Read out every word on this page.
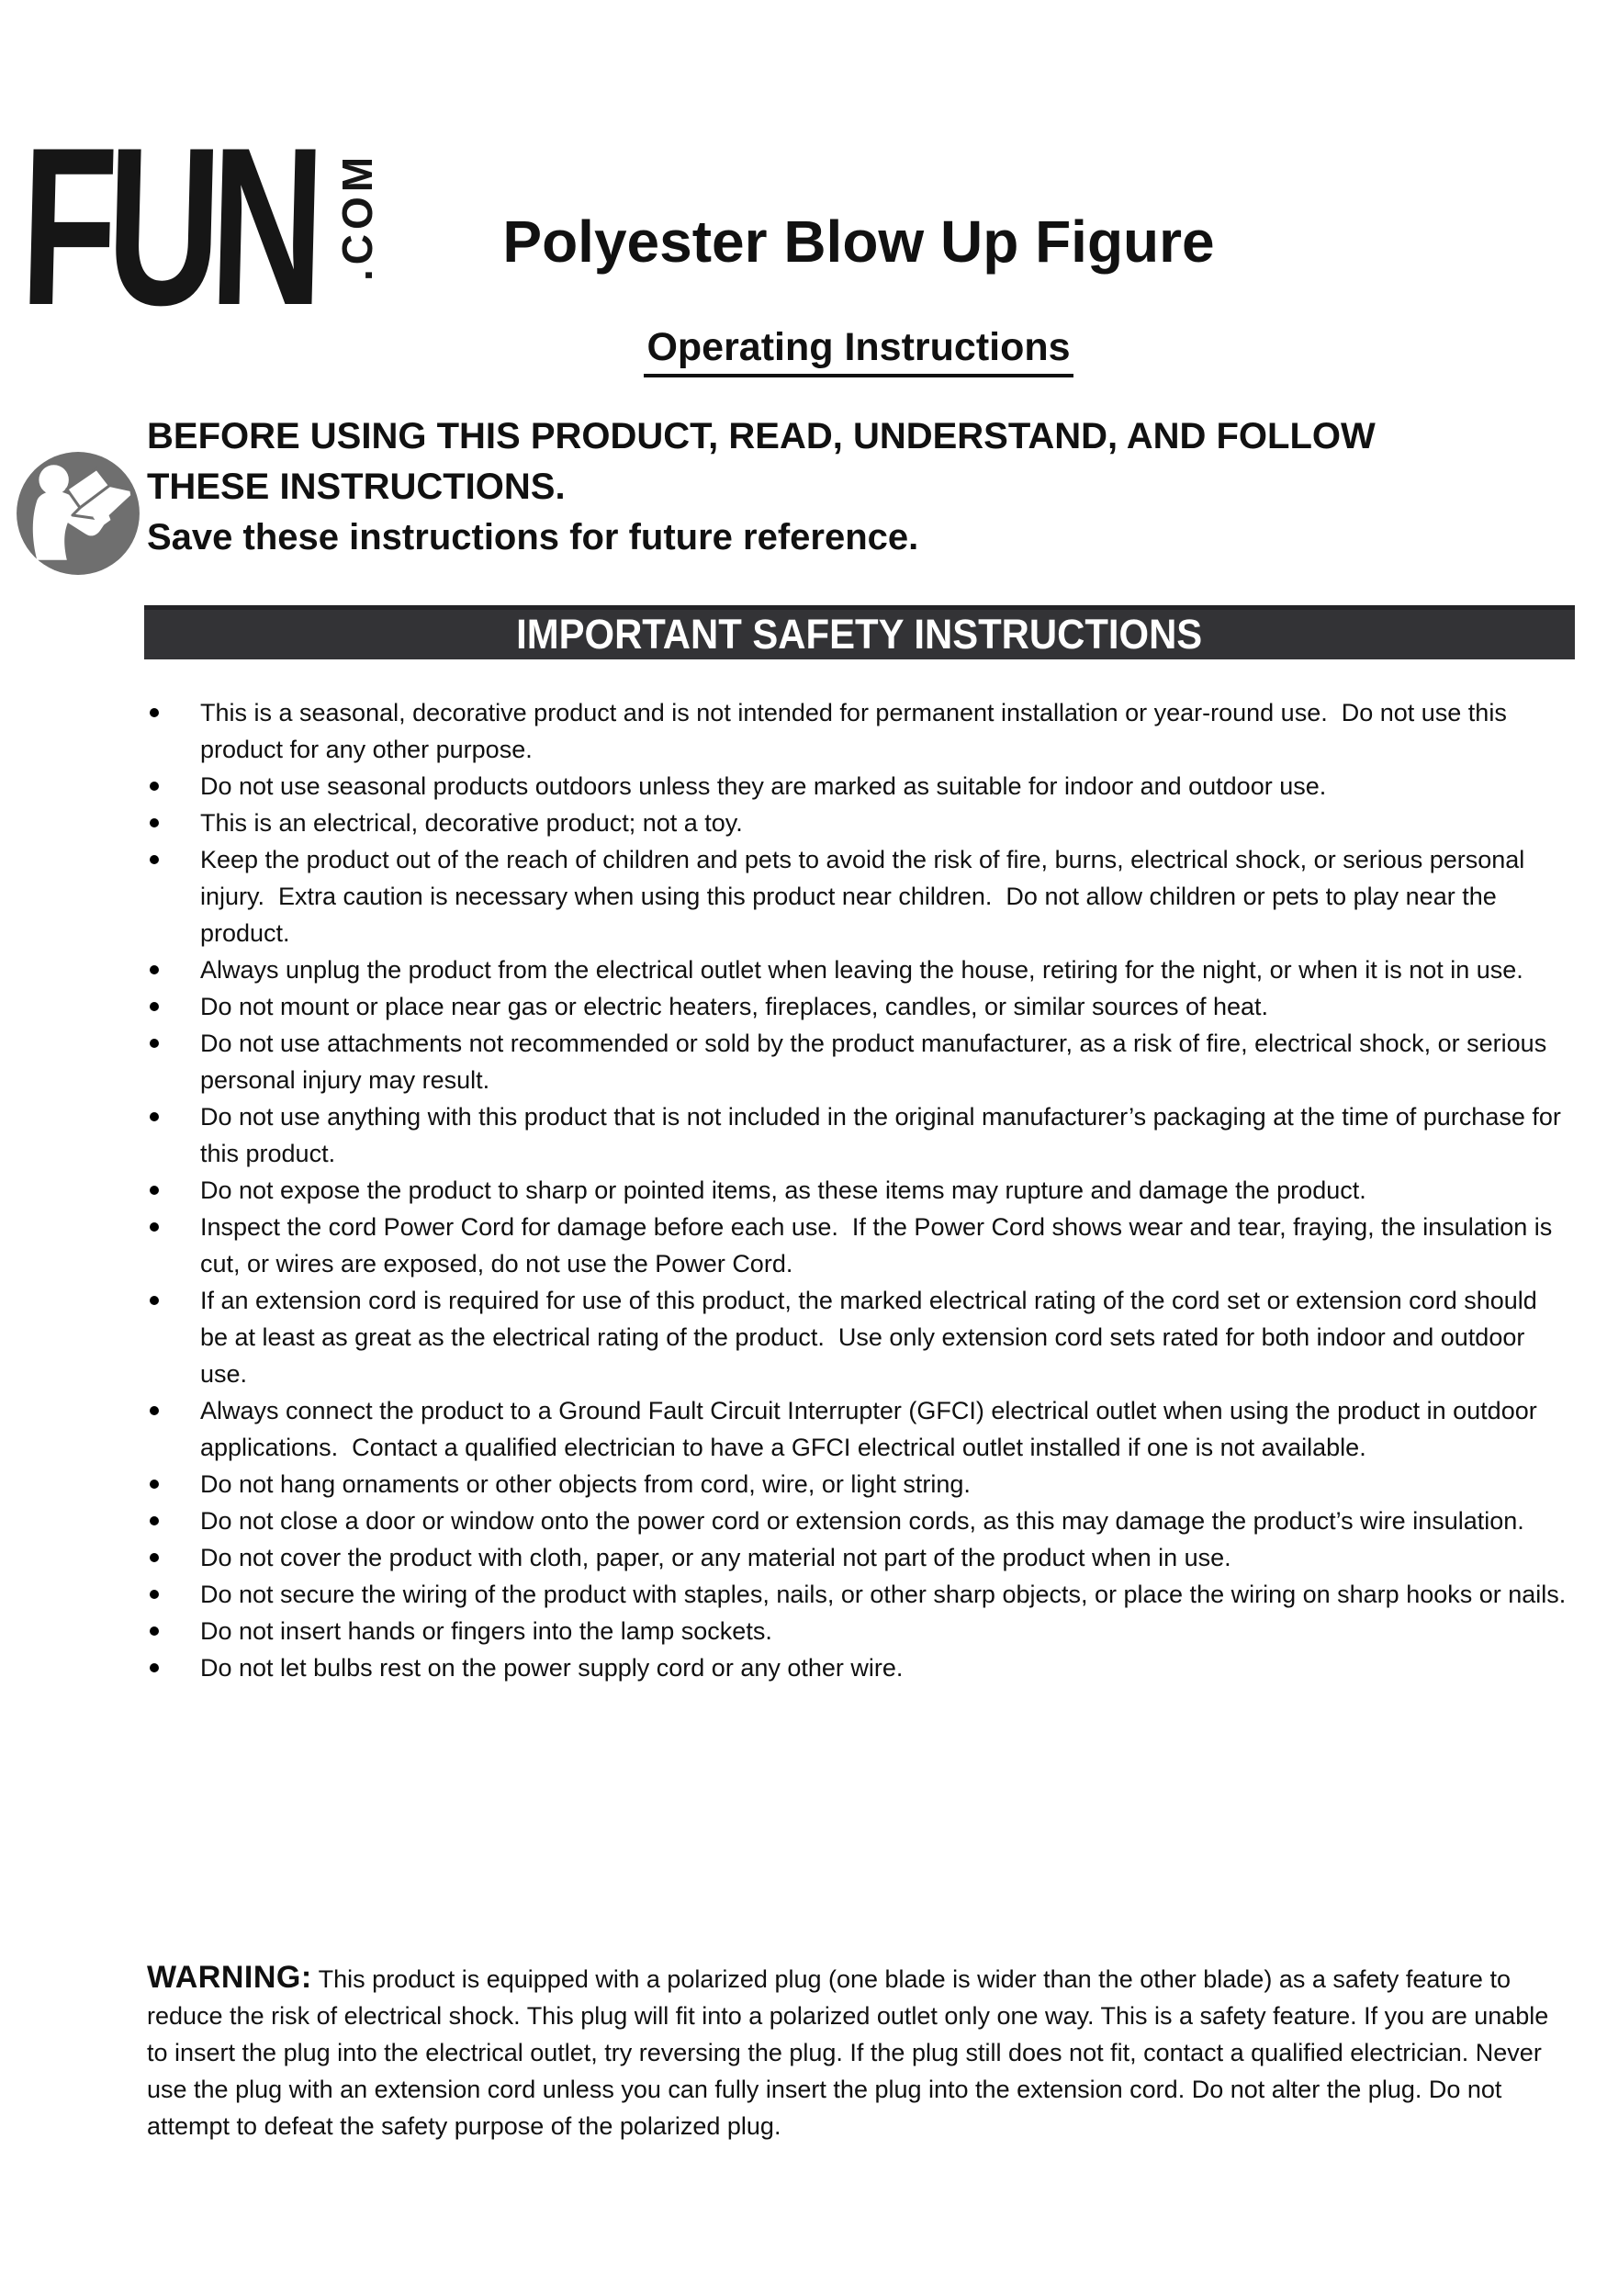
FUN .COM	Polyester Blow Up Figure
Operating Instructions
BEFORE USING THIS PRODUCT, READ, UNDERSTAND, AND FOLLOW
THESE INSTRUCTIONS.
Save these instructions for future reference.
IMPORTANT SAFETY INSTRUCTIONS
This is a seasonal, decorative product and is not intended for permanent installation or year-round use.  Do not use this product for any other purpose.
Do not use seasonal products outdoors unless they are marked as suitable for indoor and outdoor use.
This is an electrical, decorative product; not a toy.
Keep the product out of the reach of children and pets to avoid the risk of fire, burns, electrical shock, or serious personal injury.  Extra caution is necessary when using this product near children.  Do not allow children or pets to play near the product.
Always unplug the product from the electrical outlet when leaving the house, retiring for the night, or when it is not in use.
Do not mount or place near gas or electric heaters, fireplaces, candles, or similar sources of heat.
Do not use attachments not recommended or sold by the product manufacturer, as a risk of fire, electrical shock, or serious personal injury may result.
Do not use anything with this product that is not included in the original manufacturer’s packaging at the time of purchase for this product.
Do not expose the product to sharp or pointed items, as these items may rupture and damage the product.
Inspect the cord Power Cord for damage before each use.  If the Power Cord shows wear and tear, fraying, the insulation is cut, or wires are exposed, do not use the Power Cord.
If an extension cord is required for use of this product, the marked electrical rating of the cord set or extension cord should be at least as great as the electrical rating of the product.  Use only extension cord sets rated for both indoor and outdoor use.
Always connect the product to a Ground Fault Circuit Interrupter (GFCI) electrical outlet when using the product in outdoor applications.  Contact a qualified electrician to have a GFCI electrical outlet installed if one is not available.
Do not hang ornaments or other objects from cord, wire, or light string.
Do not close a door or window onto the power cord or extension cords, as this may damage the product’s wire insulation.
Do not cover the product with cloth, paper, or any material not part of the product when in use.
Do not secure the wiring of the product with staples, nails, or other sharp objects, or place the wiring on sharp hooks or nails.
Do not insert hands or fingers into the lamp sockets.
Do not let bulbs rest on the power supply cord or any other wire.

WARNING: This product is equipped with a polarized plug (one blade is wider than the other blade) as a safety feature to reduce the risk of electrical shock. This plug will fit into a polarized outlet only one way. This is a safety feature. If you are unable to insert the plug into the electrical outlet, try reversing the plug. If the plug still does not fit, contact a qualified electrician. Never use the plug with an extension cord unless you can fully insert the plug into the extension cord. Do not alter the plug. Do not attempt to defeat the safety purpose of the polarized plug.
